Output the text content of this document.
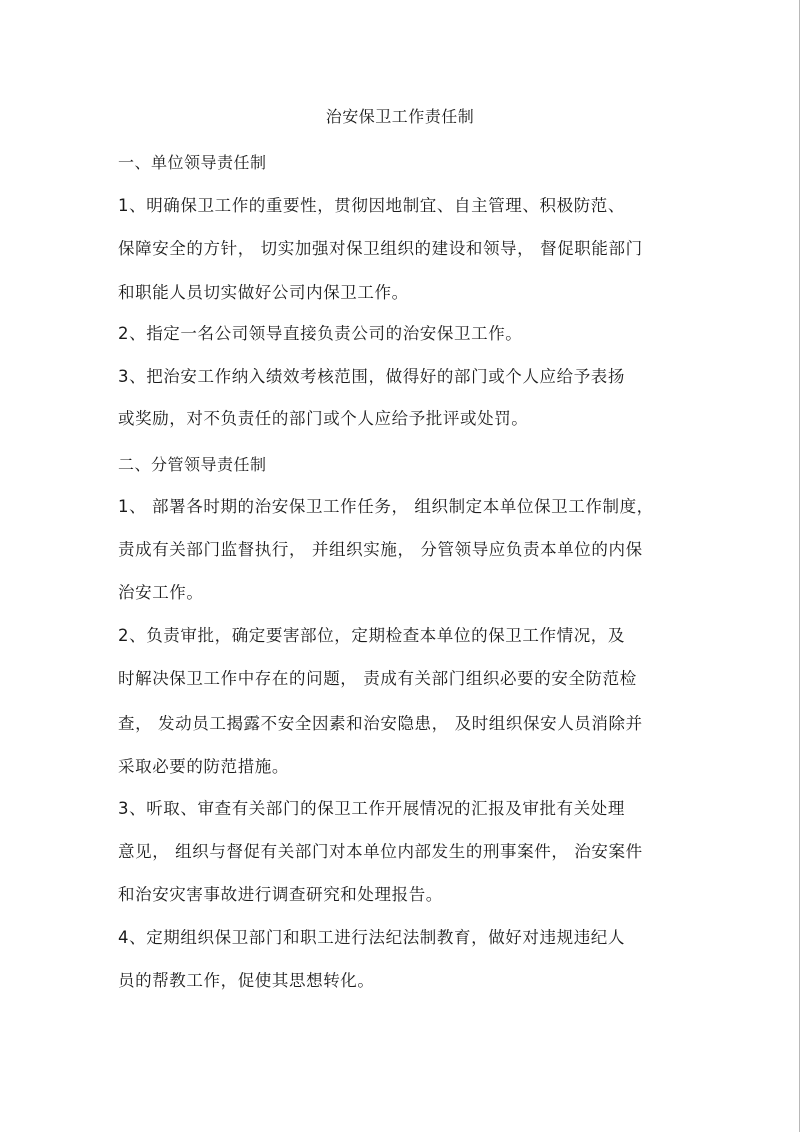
治安保卫工作责任制
一、单位领导责任制
1、明确保卫工作的重要性，贯彻因地制宜、自主管理、积极防范、
保障安全的方针， 切实加强对保卫组织的建设和领导， 督促职能部门
和职能人员切实做好公司内保卫工作。
2、指定一名公司领导直接负责公司的治安保卫工作。
3、把治安工作纳入绩效考核范围，做得好的部门或个人应给予表扬
或奖励，对不负责任的部门或个人应给予批评或处罚。
二、分管领导责任制
1、 部署各时期的治安保卫工作任务， 组织制定本单位保卫工作制度，
责成有关部门监督执行， 并组织实施， 分管领导应负责本单位的内保
治安工作。
2、负责审批，确定要害部位，定期检查本单位的保卫工作情况，及
时解决保卫工作中存在的问题， 责成有关部门组织必要的安全防范检
查， 发动员工揭露不安全因素和治安隐患， 及时组织保安人员消除并
采取必要的防范措施。
3、听取、审查有关部门的保卫工作开展情况的汇报及审批有关处理
意见， 组织与督促有关部门对本单位内部发生的刑事案件， 治安案件
和治安灾害事故进行调查研究和处理报告。
4、定期组织保卫部门和职工进行法纪法制教育，做好对违规违纪人
员的帮教工作，促使其思想转化。
